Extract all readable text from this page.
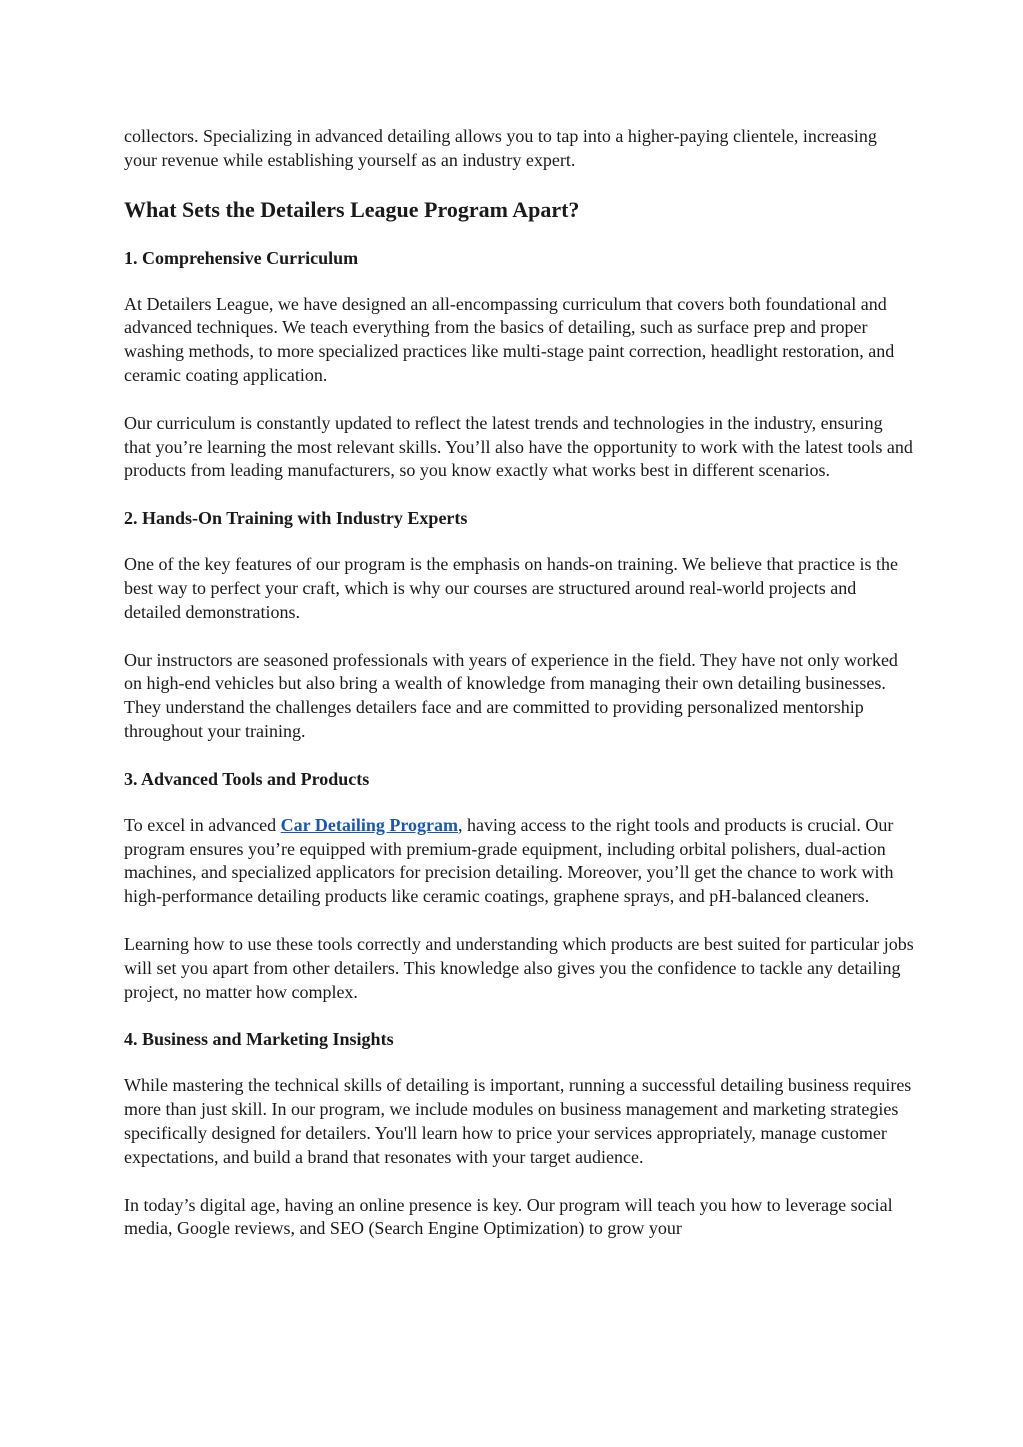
collectors. Specializing in advanced detailing allows you to tap into a higher-paying clientele, increasing your revenue while establishing yourself as an industry expert.

What Sets the Detailers League Program Apart?
1. Comprehensive Curriculum

At Detailers League, we have designed an all-encompassing curriculum that covers both foundational and advanced techniques. We teach everything from the basics of detailing, such as surface prep and proper washing methods, to more specialized practices like multi-stage paint correction, headlight restoration, and ceramic coating application.

Our curriculum is constantly updated to reflect the latest trends and technologies in the industry, ensuring that you’re learning the most relevant skills. You’ll also have the opportunity to work with the latest tools and products from leading manufacturers, so you know exactly what works best in different scenarios.

2. Hands-On Training with Industry Experts

One of the key features of our program is the emphasis on hands-on training. We believe that practice is the best way to perfect your craft, which is why our courses are structured around real-world projects and detailed demonstrations.

Our instructors are seasoned professionals with years of experience in the field. They have not only worked on high-end vehicles but also bring a wealth of knowledge from managing their own detailing businesses. They understand the challenges detailers face and are committed to providing personalized mentorship throughout your training.

3. Advanced Tools and Products

To excel in advanced Car Detailing Program, having access to the right tools and products is crucial. Our program ensures you’re equipped with premium-grade equipment, including orbital polishers, dual-action machines, and specialized applicators for precision detailing. Moreover, you’ll get the chance to work with high-performance detailing products like ceramic coatings, graphene sprays, and pH-balanced cleaners.

Learning how to use these tools correctly and understanding which products are best suited for particular jobs will set you apart from other detailers. This knowledge also gives you the confidence to tackle any detailing project, no matter how complex.

4. Business and Marketing Insights

While mastering the technical skills of detailing is important, running a successful detailing business requires more than just skill. In our program, we include modules on business management and marketing strategies specifically designed for detailers. You'll learn how to price your services appropriately, manage customer expectations, and build a brand that resonates with your target audience.

In today’s digital age, having an online presence is key. Our program will teach you how to leverage social media, Google reviews, and SEO (Search Engine Optimization) to grow your
